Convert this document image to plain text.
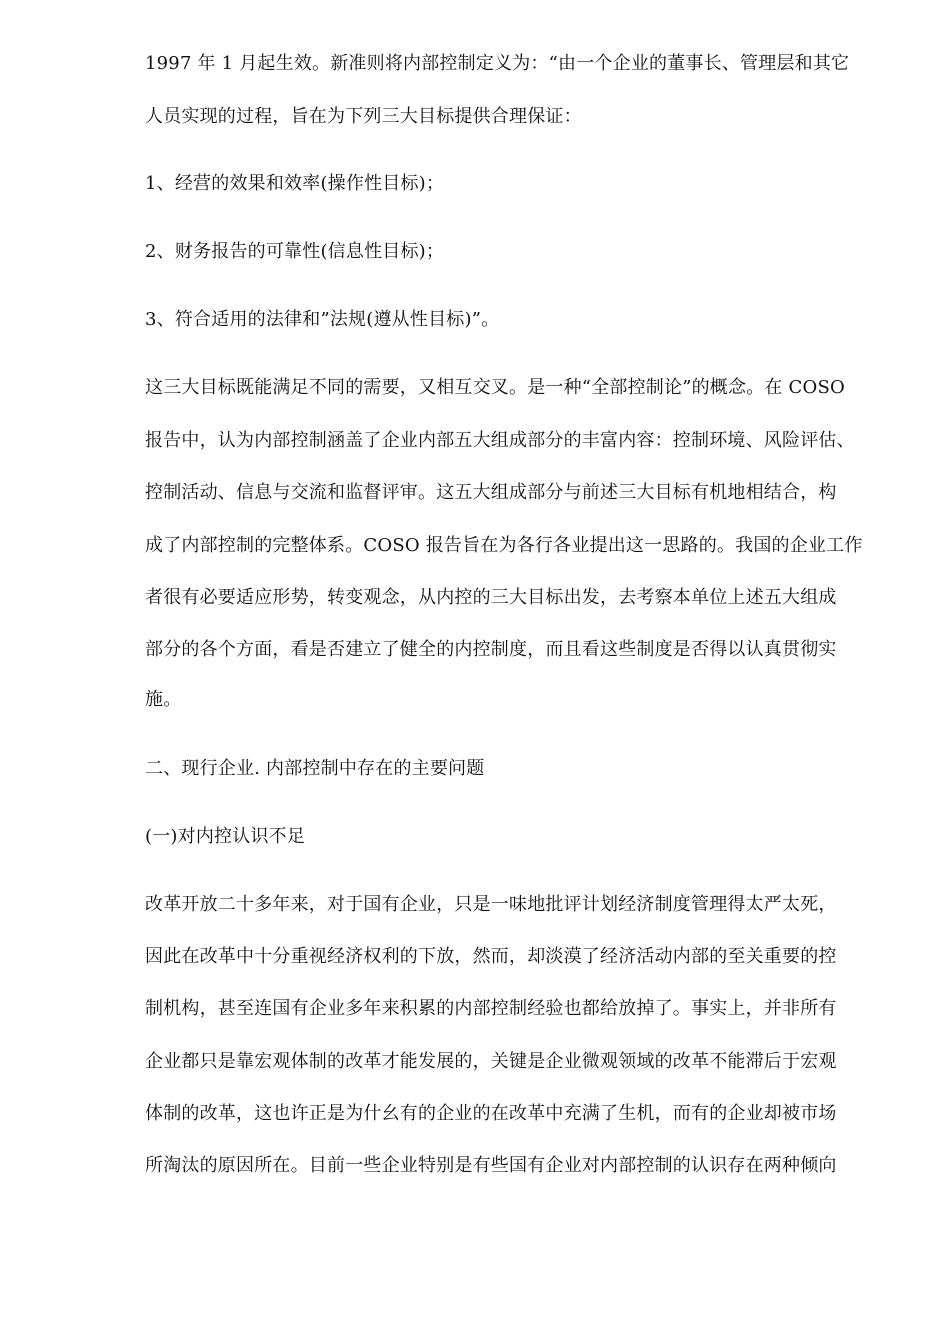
1997 年 1 月起生效。新准则将内部控制定义为：“由一个企业的董事长、管理层和其它
人员实现的过程，旨在为下列三大目标提供合理保证：
1、经营的效果和效率(操作性目标)；
2、财务报告的可靠性(信息性目标)；
3、符合适用的法律和”法规(遵从性目标)”。
这三大目标既能满足不同的需要，又相互交叉。是一种“全部控制论”的概念。在 COSO
报告中，认为内部控制涵盖了企业内部五大组成部分的丰富内容：控制环境、风险评估、
控制活动、信息与交流和监督评审。这五大组成部分与前述三大目标有机地相结合，构
成了内部控制的完整体系。COSO 报告旨在为各行各业提出这一思路的。我国的企业工作
者很有必要适应形势，转变观念，从内控的三大目标出发，去考察本单位上述五大组成
部分的各个方面，看是否建立了健全的内控制度，而且看这些制度是否得以认真贯彻实
施。
二、现行企业. 内部控制中存在的主要问题
(一)对内控认识不足
改革开放二十多年来，对于国有企业，只是一味地批评计划经济制度管理得太严太死，
因此在改革中十分重视经济权利的下放，然而，却淡漠了经济活动内部的至关重要的控
制机构，甚至连国有企业多年来积累的内部控制经验也都给放掉了。事实上，并非所有
企业都只是靠宏观体制的改革才能发展的，关键是企业微观领域的改革不能滞后于宏观
体制的改革，这也许正是为什幺有的企业的在改革中充满了生机，而有的企业却被市场
所淘汰的原因所在。目前一些企业特别是有些国有企业对内部控制的认识存在两种倾向
